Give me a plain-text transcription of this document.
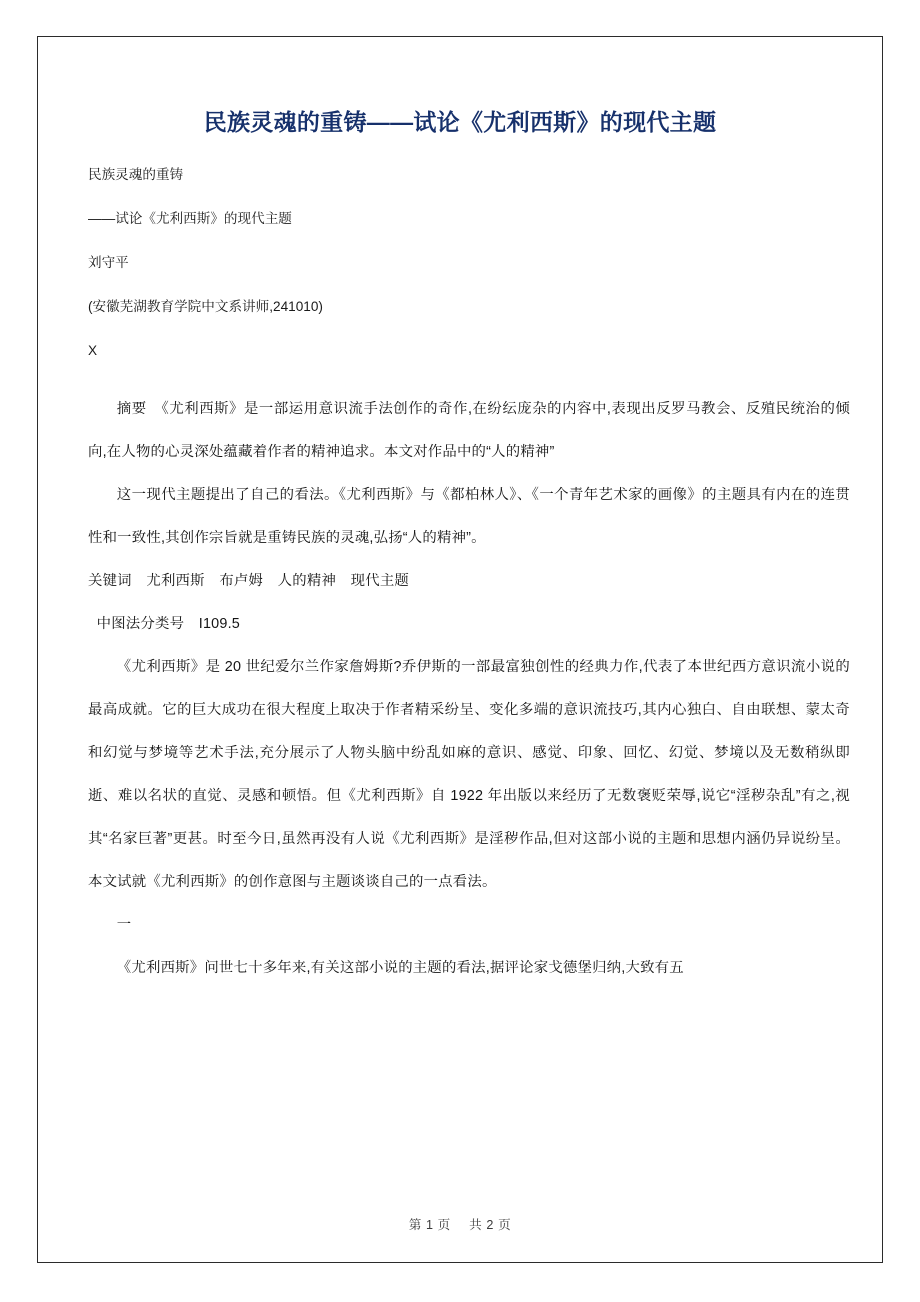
民族灵魂的重铸——试论《尤利西斯》的现代主题

民族灵魂的重铸

——试论《尤利西斯》的现代主题

刘守平

(安徽芜湖教育学院中文系讲师,241010)

X

摘要　《尤利西斯》是一部运用意识流手法创作的奇作,在纷纭庞杂的内容中,表现出反罗马教会、反殖民统治的倾向,在人物的心灵深处蕴藏着作者的精神追求。本文对作品中的“人的精神”

这一现代主题提出了自己的看法。《尤利西斯》与《都柏林人》、《一个青年艺术家的画像》的主题具有内在的连贯性和一致性,其创作宗旨就是重铸民族的灵魂,弘扬“人的精神”。

关键词　尤利西斯　布卢姆　人的精神　现代主题

中图法分类号　I109.5

《尤利西斯》是 20 世纪爱尔兰作家詹姆斯?乔伊斯的一部最富独创性的经典力作,代表了本世纪西方意识流小说的最高成就。它的巨大成功在很大程度上取决于作者精采纷呈、变化多端的意识流技巧,其内心独白、自由联想、蒙太奇和幻觉与梦境等艺术手法,充分展示了人物头脑中纷乱如麻的意识、感觉、印象、回忆、幻觉、梦境以及无数稍纵即逝、难以名状的直觉、灵感和顿悟。但《尤利西斯》自 1922 年出版以来经历了无数褒贬荣辱,说它“淫秽杂乱”有之,视其“名家巨著”更甚。时至今日,虽然再没有人说《尤利西斯》是淫秽作品,但对这部小说的主题和思想内涵仍异说纷呈。本文试就《尤利西斯》的创作意图与主题谈谈自己的一点看法。

一

《尤利西斯》问世七十多年来,有关这部小说的主题的看法,据评论家戈德堡归纳,大致有五

第 1 页 共 2 页
